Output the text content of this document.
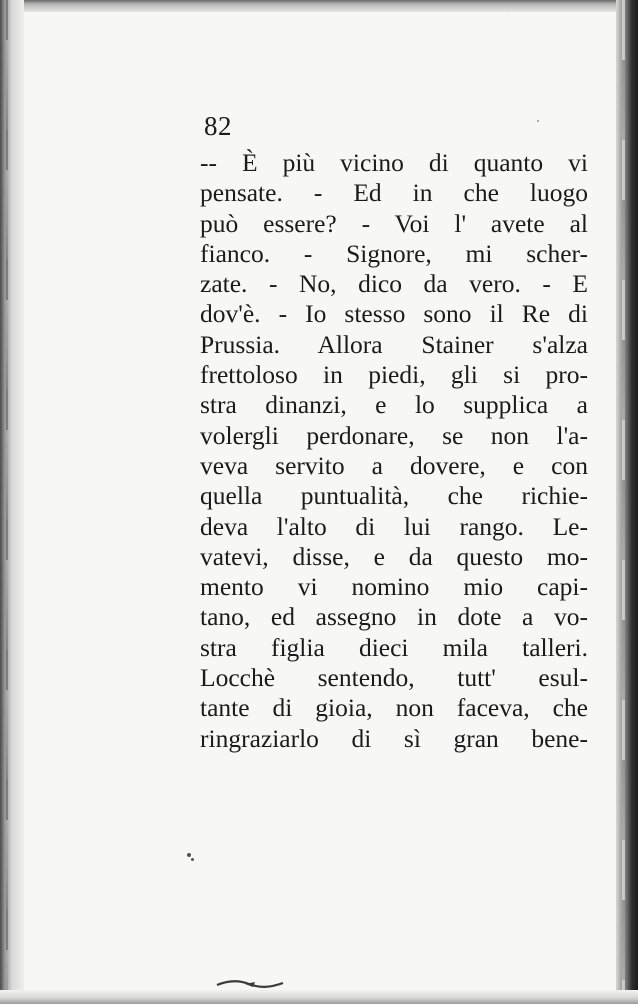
82
-- È più vicino di quanto vi
pensate. - Ed in che luogo
può essere? - Voi l' avete al
fianco. - Signore, mi scher-
zate. - No, dico da vero. - E
dov'è. - Io stesso sono il Re di
Prussia. Allora Stainer s'alza
frettoloso in piedi, gli si pro-
stra dinanzi, e lo supplica a
volergli perdonare, se non l'a-
veva servito a dovere, e con
quella puntualità, che richie-
deva l'alto di lui rango. Le-
vatevi, disse, e da questo mo-
mento vi nomino mio capi-
tano, ed assegno in dote a vo-
stra figlia dieci mila talleri.
Locchè sentendo, tutt' esul-
tante di gioia, non faceva, che
ringraziarlo di sì gran bene-
